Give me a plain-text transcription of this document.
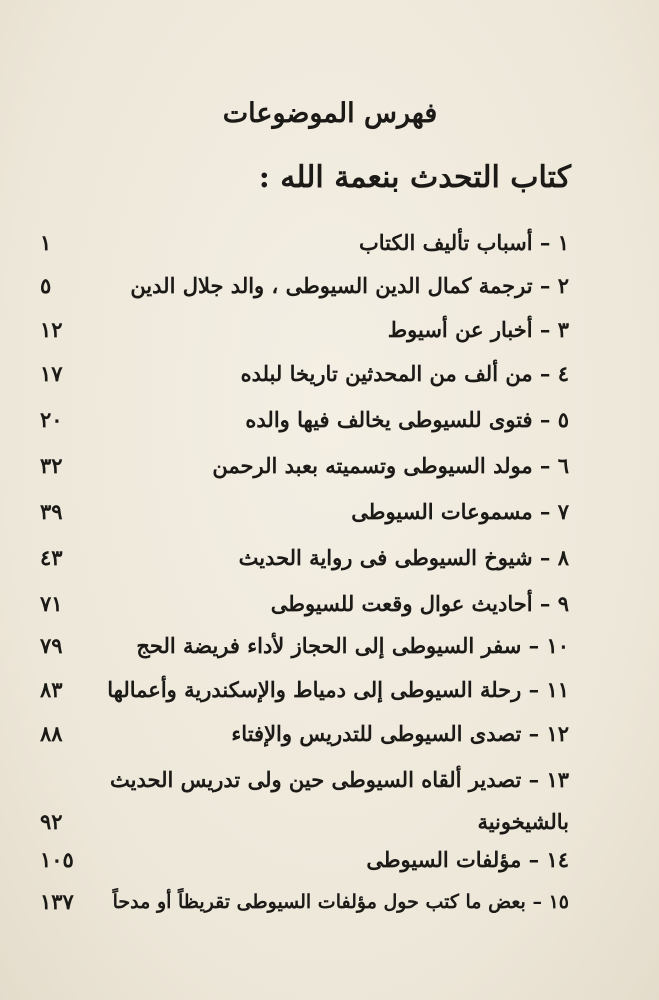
فهرس الموضوعات
كتاب التحدث بنعمة الله :
١ – أسباب تأليف الكتاب
١
٢ – ترجمة كمال الدين السيوطى ، والد جلال الدين
٥
٣ – أخبار عن أسيوط
١٢
٤ – من ألف من المحدثين تاريخا لبلده
١٧
٥ – فتوى للسيوطى يخالف فيها والده
٢٠
٦ – مولد السيوطى وتسميته بعبد الرحمن
٣٢
٧ – مسموعات السيوطى
٣٩
٨ – شيوخ السيوطى فى رواية الحديث
٤٣
٩ – أحاديث عوال وقعت للسيوطى
٧١
١٠ – سفر السيوطى إلى الحجاز لأداء فريضة الحج
٧٩
١١ – رحلة السيوطى إلى دمياط والإسكندرية وأعمالها
٨٣
١٢ – تصدى السيوطى للتدريس والإفتاء
٨٨
١٣ – تصدير ألقاه السيوطى حين ولى تدريس الحديث
بالشيخونية
٩٢
١٤ – مؤلفات السيوطى
١٠٥
١٥ – بعض ما كتب حول مؤلفات السيوطى تقريظاً أو مدحاً
١٣٧
